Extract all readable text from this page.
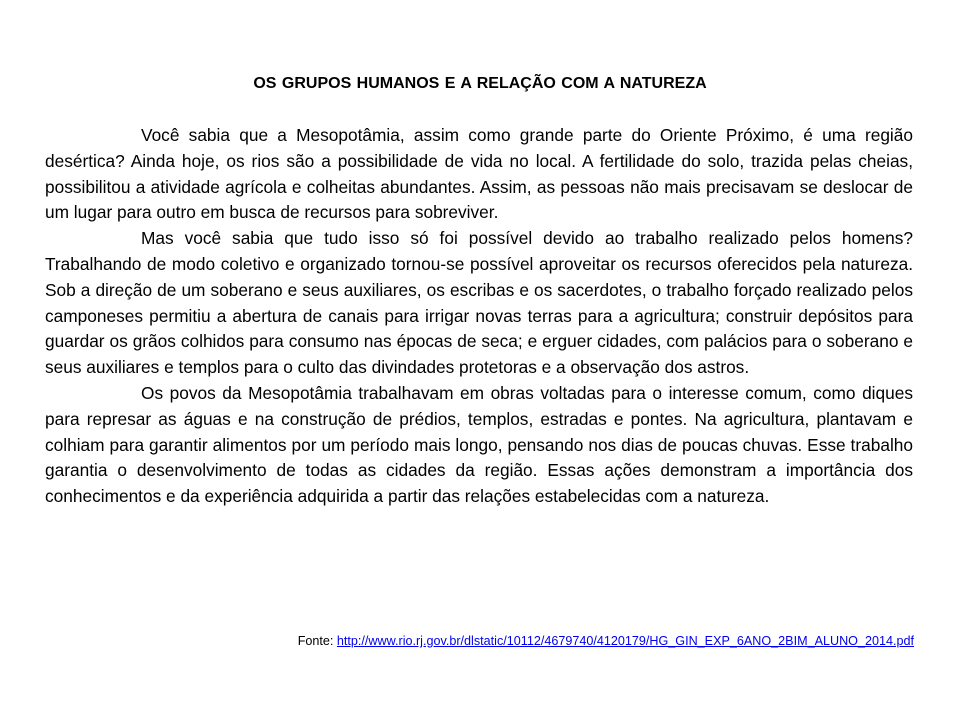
OS GRUPOS HUMANOS E A RELAÇÃO COM A NATUREZA

Você sabia que a Mesopotâmia, assim como grande parte do Oriente Próximo, é uma região desértica? Ainda hoje, os rios são a possibilidade de vida no local. A fertilidade do solo, trazida pelas cheias, possibilitou a atividade agrícola e colheitas abundantes. Assim, as pessoas não mais precisavam se deslocar de um lugar para outro em busca de recursos para sobreviver.

Mas você sabia que tudo isso só foi possível devido ao trabalho realizado pelos homens? Trabalhando de modo coletivo e organizado tornou-se possível aproveitar os recursos oferecidos pela natureza. Sob a direção de um soberano e seus auxiliares, os escribas e os sacerdotes, o trabalho forçado realizado pelos camponeses permitiu a abertura de canais para irrigar novas terras para a agricultura; construir depósitos para guardar os grãos colhidos para consumo nas épocas de seca; e erguer cidades, com palácios para o soberano e seus auxiliares e templos para o culto das divindades protetoras e a observação dos astros.

Os povos da Mesopotâmia trabalhavam em obras voltadas para o interesse comum, como diques para represar as águas e na construção de prédios, templos, estradas e pontes. Na agricultura, plantavam e colhiam para garantir alimentos por um período mais longo, pensando nos dias de poucas chuvas. Esse trabalho garantia o desenvolvimento de todas as cidades da região. Essas ações demonstram a importância dos conhecimentos e da experiência adquirida a partir das relações estabelecidas com a natureza.

Fonte: http://www.rio.rj.gov.br/dlstatic/10112/4679740/4120179/HG_GIN_EXP_6ANO_2BIM_ALUNO_2014.pdf
